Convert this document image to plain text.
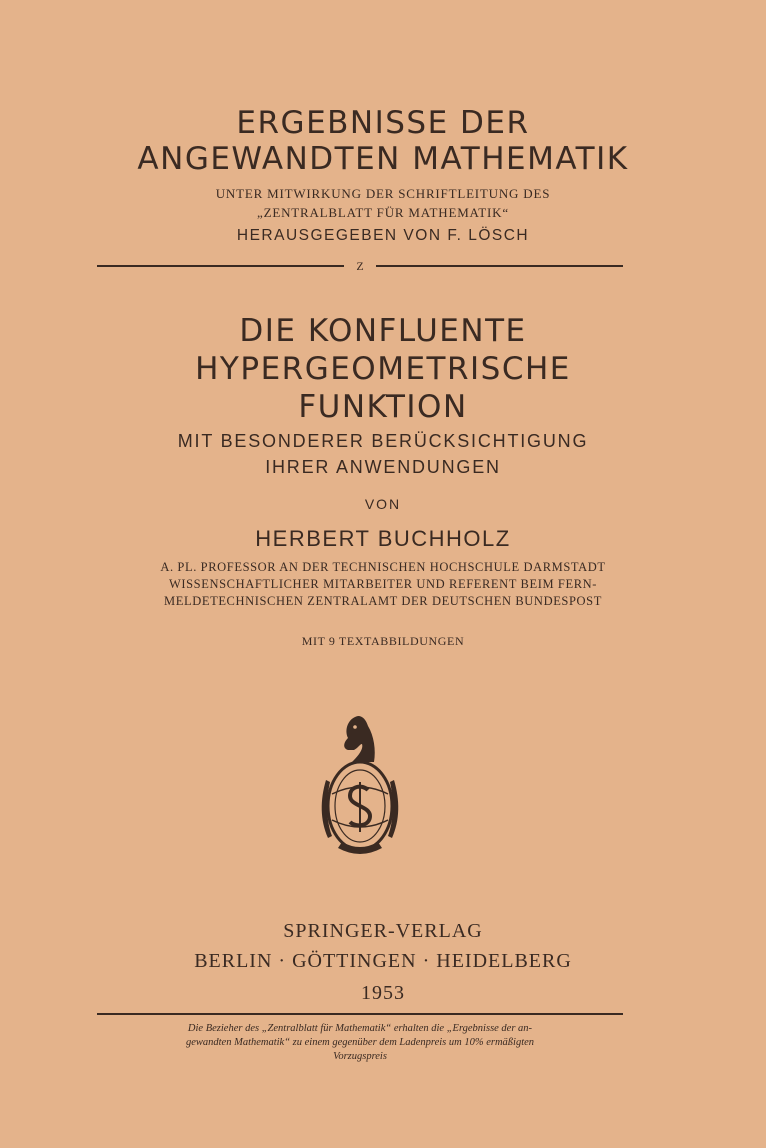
ERGEBNISSE DER
ANGEWANDTEN MATHEMATIK
UNTER MITWIRKUNG DER SCHRIFTLEITUNG DES
„ZENTRALBLATT FÜR MATHEMATIK“
HERAUSGEGEBEN VON F. LÖSCH
Z
DIE KONFLUENTE
HYPERGEOMETRISCHE
FUNKTION
MIT BESONDERER BERÜCKSICHTIGUNG
IHRER ANWENDUNGEN
VON
HERBERT BUCHHOLZ
A. PL. PROFESSOR AN DER TECHNISCHEN HOCHSCHULE DARMSTADT
WISSENSCHAFTLICHER MITARBEITER UND REFERENT BEIM FERN-
MELDETECHNISCHEN ZENTRALAMT DER DEUTSCHEN BUNDESPOST
MIT 9 TEXTABBILDUNGEN
SPRINGER-VERLAG
BERLIN · GÖTTINGEN · HEIDELBERG
1953
Die Bezieher des „Zentralblatt für Mathematik“ erhalten die „Ergebnisse der an-
gewandten Mathematik“ zu einem gegenüber dem Ladenpreis um 10% ermäßigten
Vorzugspreis
